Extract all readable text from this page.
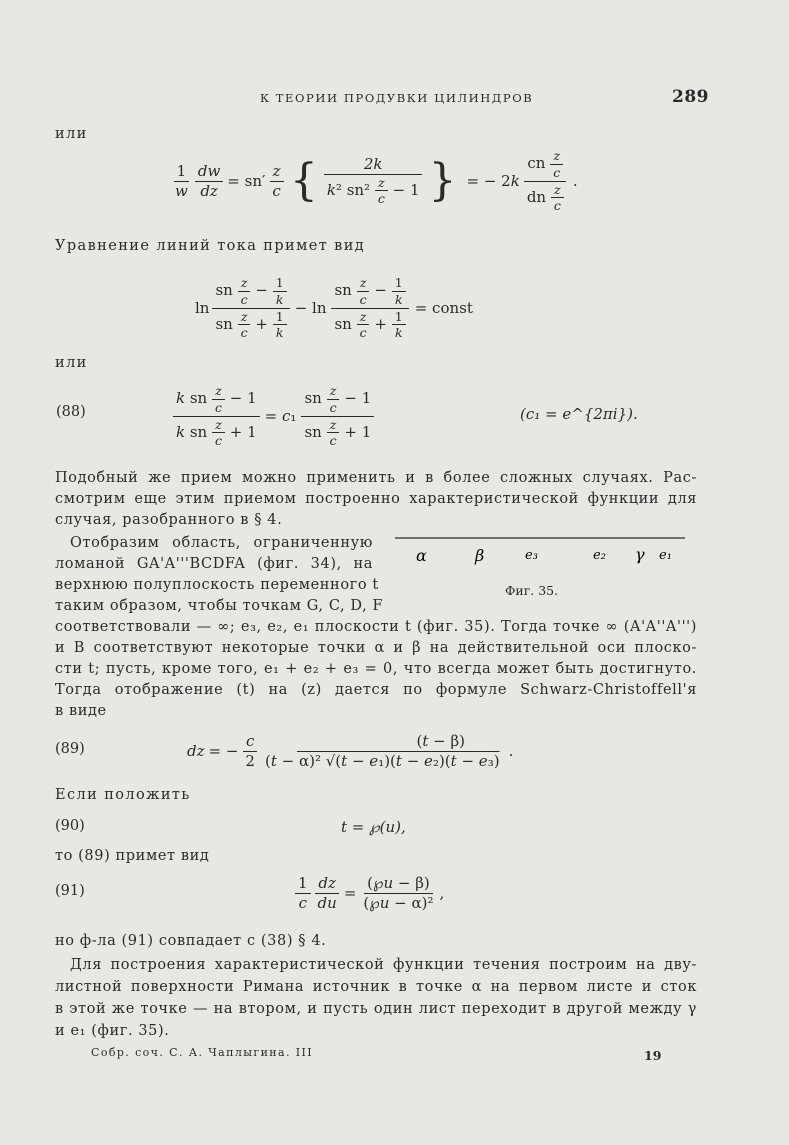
К ТЕОРИИ ПРОДУВКИ ЦИЛИНДРОВ	289
или
$\frac{1}{w} \frac{dw}{dz} = sn' \frac{z}{c}$ { $\frac{2k}{k^2 sn^2 \frac{z}{c} - 1}$ } = − $2k \frac{cn \frac{z}{c}}{dn \frac{z}{c}}$ .
Уравнение линий тока примет вид
$\ln \frac{sn \frac{z}{c} - \frac{1}{k}}{sn \frac{z}{c} + \frac{1}{k}} - \ln \frac{sn \frac{z}{c} - \frac{1}{k}}{sn \frac{z}{c} + \frac{1}{k}}$ = const
или
(88)	$\frac{k sn \frac{z}{c} - 1}{k sn \frac{z}{c} + 1} = c_1 \frac{sn \frac{z}{c} - 1}{sn \frac{z}{c} + 1}$	(c₁ = e^{2πi}).
Подобный же прием можно применить и в более сложных случаях. Рас-
смотрим еще этим приемом построенно характеристической функции для
случая, разобранного в § 4.
Отобразим область, ограниченную
ломаной GA'A'''BCDFA (фиг. 34), на
верхнюю полуплоскость переменного t
таким образом, чтобы точкам G, C, D, F
α	β	e₃	e₂ γ e₁
Фиг. 35.
соответствовали — ∞; e₃, e₂, e₁ плоскости t (фиг. 35). Тогда точке ∞ (A'A''A''')
и B соответствуют некоторые точки α и β на действительной оси плоско-
сти t; пусть, кроме того, e₁ + e₂ + e₃ = 0, что всегда может быть достигнуто.
Тогда отображение (t) на (z) дается по формуле Schwarz-Christoffell'я
в виде
(89)	dz = − $\frac{c}{2} \frac{(t - \beta)}{\text{(t − α)² √(t − e₁)(t − e₂)(t − e₃)}}$ .
Если положить
(90)	t = ℘(u),
то (89) примет вид
(91)	$\frac{1}{c} \frac{dz}{du} = \frac{(℘u - \beta)}{\text{(℘u − α)²}}$ ,
но ф-ла (91) совпадает с (38) § 4.
Для построения характеристической функции течения построим на дву-
листной поверхности Римана источник в точке α на первом листе и сток
в этой же точке — на втором, и пусть один лист переходит в другой между γ
и e₁ (фиг. 35).
Собр. соч. С. А. Чаплыгина. III	19
